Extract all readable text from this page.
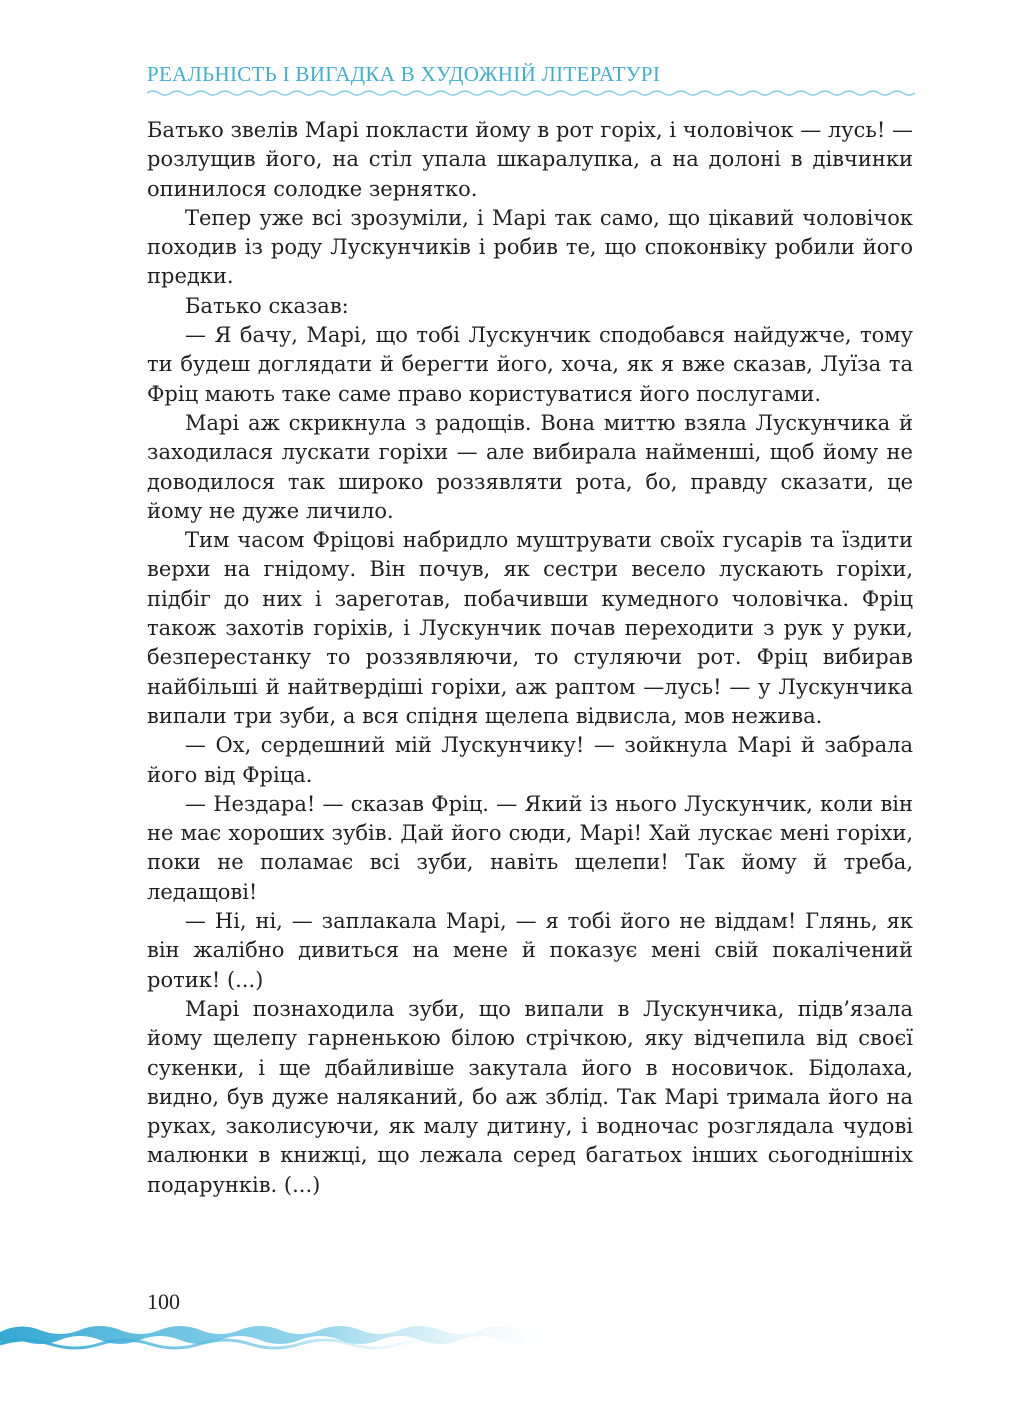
РЕАЛЬНІСТЬ І ВИГАДКА В ХУДОЖНІЙ ЛІТЕРАТУРІ

Батько звелів Марі покласти йому в рот горіх, і чоловічок — лусь! — розлущив його, на стіл упала шкаралупка, а на долоні в дівчинки опинилося солодке зернятко.

Тепер уже всі зрозуміли, і Марі так само, що цікавий чоловічок походив із роду Лускунчиків і робив те, що споконвіку робили його предки.

Батько сказав:

— Я бачу, Марі, що тобі Лускунчик сподобався найдужче, тому ти будеш доглядати й берегти його, хоча, як я вже сказав, Луїза та Фріц мають таке саме право користуватися його послугами.

Марі аж скрикнула з радощів. Вона миттю взяла Лускунчика й заходилася лускати горіхи — але вибирала найменші, щоб йому не доводилося так широко роззявляти рота, бо, правду сказати, це йому не дуже личило.

Тим часом Фріцові набридло муштрувати своїх гусарів та їздити верхи на гнідому. Він почув, як сестри весело лускають горіхи, підбіг до них і зареготав, побачивши кумедного чоловічка. Фріц також захотів горіхів, і Лускунчик почав переходити з рук у руки, безперестанку то роззявляючи, то стуляючи рот. Фріц вибирав найбільші й найтвердіші горіхи, аж раптом —лусь! — у Лускунчика випали три зуби, а вся спідня щелепа відвисла, мов нежива.

— Ох, сердешний мій Лускунчику! — зойкнула Марі й забрала його від Фріца.

— Нездара! — сказав Фріц. — Який із нього Лускунчик, коли він не має хороших зубів. Дай його сюди, Марі! Хай лускає мені горіхи, поки не поламає всі зуби, навіть щелепи! Так йому й треба, ледащові!

— Ні, ні, — заплакала Марі, — я тобі його не віддам! Глянь, як він жалібно дивиться на мене й показує мені свій покалічений ротик! (...)

Марі познаходила зуби, що випали в Лускунчика, підв’язала йому щелепу гарненькою білою стрічкою, яку відчепила від своєї сукенки, і ще дбайливіше закутала його в носовичок. Бідолаха, видно, був дуже наляканий, бо аж зблід. Так Марі тримала його на руках, заколисуючи, як малу дитину, і водночас розглядала чудові малюнки в книжці, що лежала серед багатьох інших сьогоднішніх подарунків. (...)

100
